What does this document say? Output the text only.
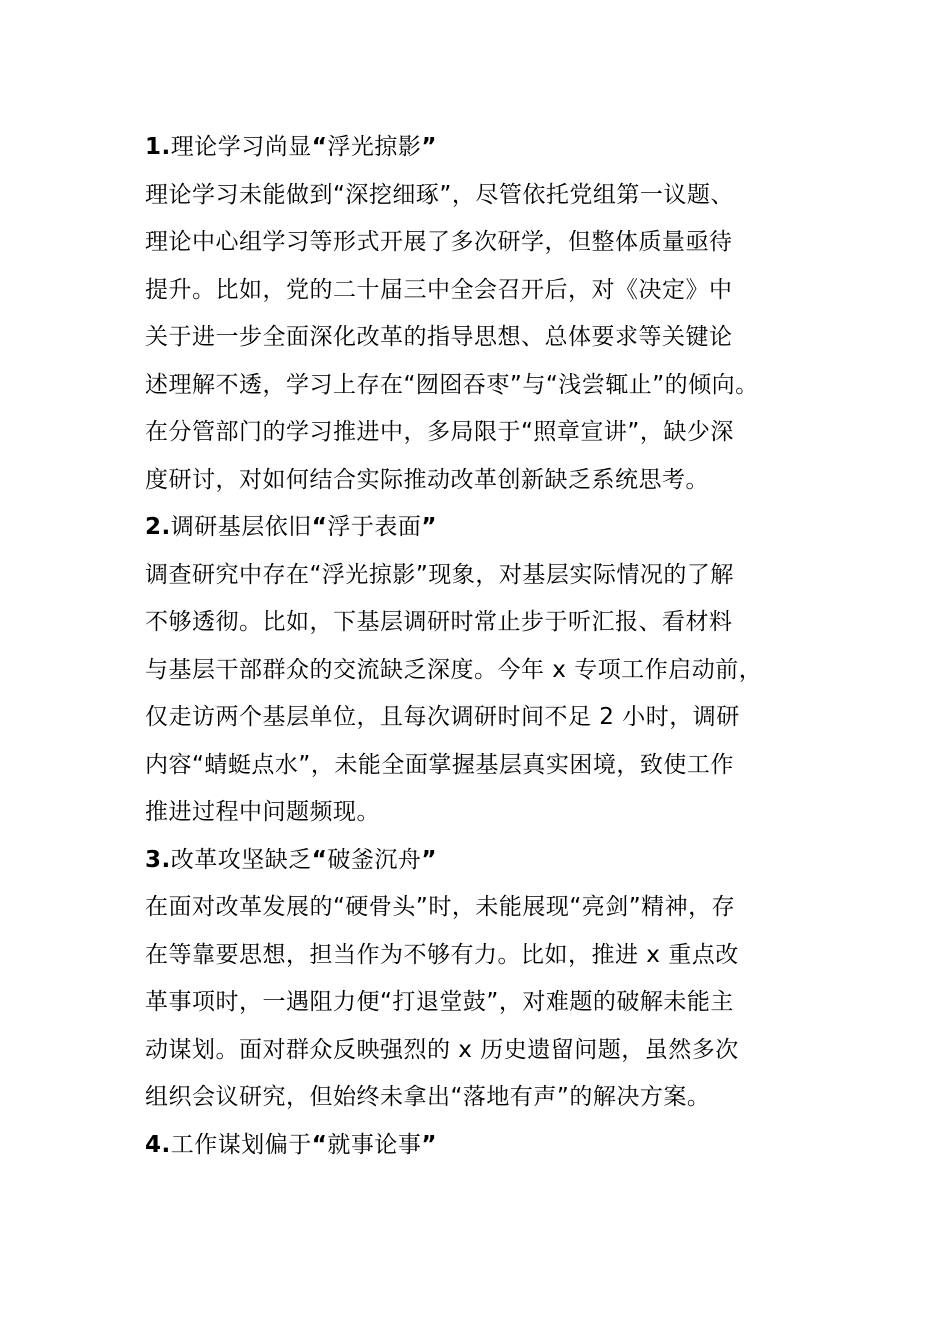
1.理论学习尚显“浮光掠影”
理论学习未能做到“深挖细琢”，尽管依托党组第一议题、
理论中心组学习等形式开展了多次研学，但整体质量亟待
提升。比如，党的二十届三中全会召开后，对《决定》中
关于进一步全面深化改革的指导思想、总体要求等关键论
述理解不透，学习上存在“囫囵吞枣”与“浅尝辄止”的倾向。
在分管部门的学习推进中，多局限于“照章宣讲”，缺少深
度研讨，对如何结合实际推动改革创新缺乏系统思考。
2.调研基层依旧“浮于表面”
调查研究中存在“浮光掠影”现象，对基层实际情况的了解
不够透彻。比如，下基层调研时常止步于听汇报、看材料
与基层干部群众的交流缺乏深度。今年 x 专项工作启动前，
仅走访两个基层单位，且每次调研时间不足 2 小时，调研
内容“蜻蜓点水”，未能全面掌握基层真实困境，致使工作
推进过程中问题频现。
3.改革攻坚缺乏“破釜沉舟”
在面对改革发展的“硬骨头”时，未能展现“亮剑”精神，存
在等靠要思想，担当作为不够有力。比如，推进 x 重点改
革事项时，一遇阻力便“打退堂鼓”，对难题的破解未能主
动谋划。面对群众反映强烈的 x 历史遗留问题，虽然多次
组织会议研究，但始终未拿出“落地有声”的解决方案。
4.工作谋划偏于“就事论事”
